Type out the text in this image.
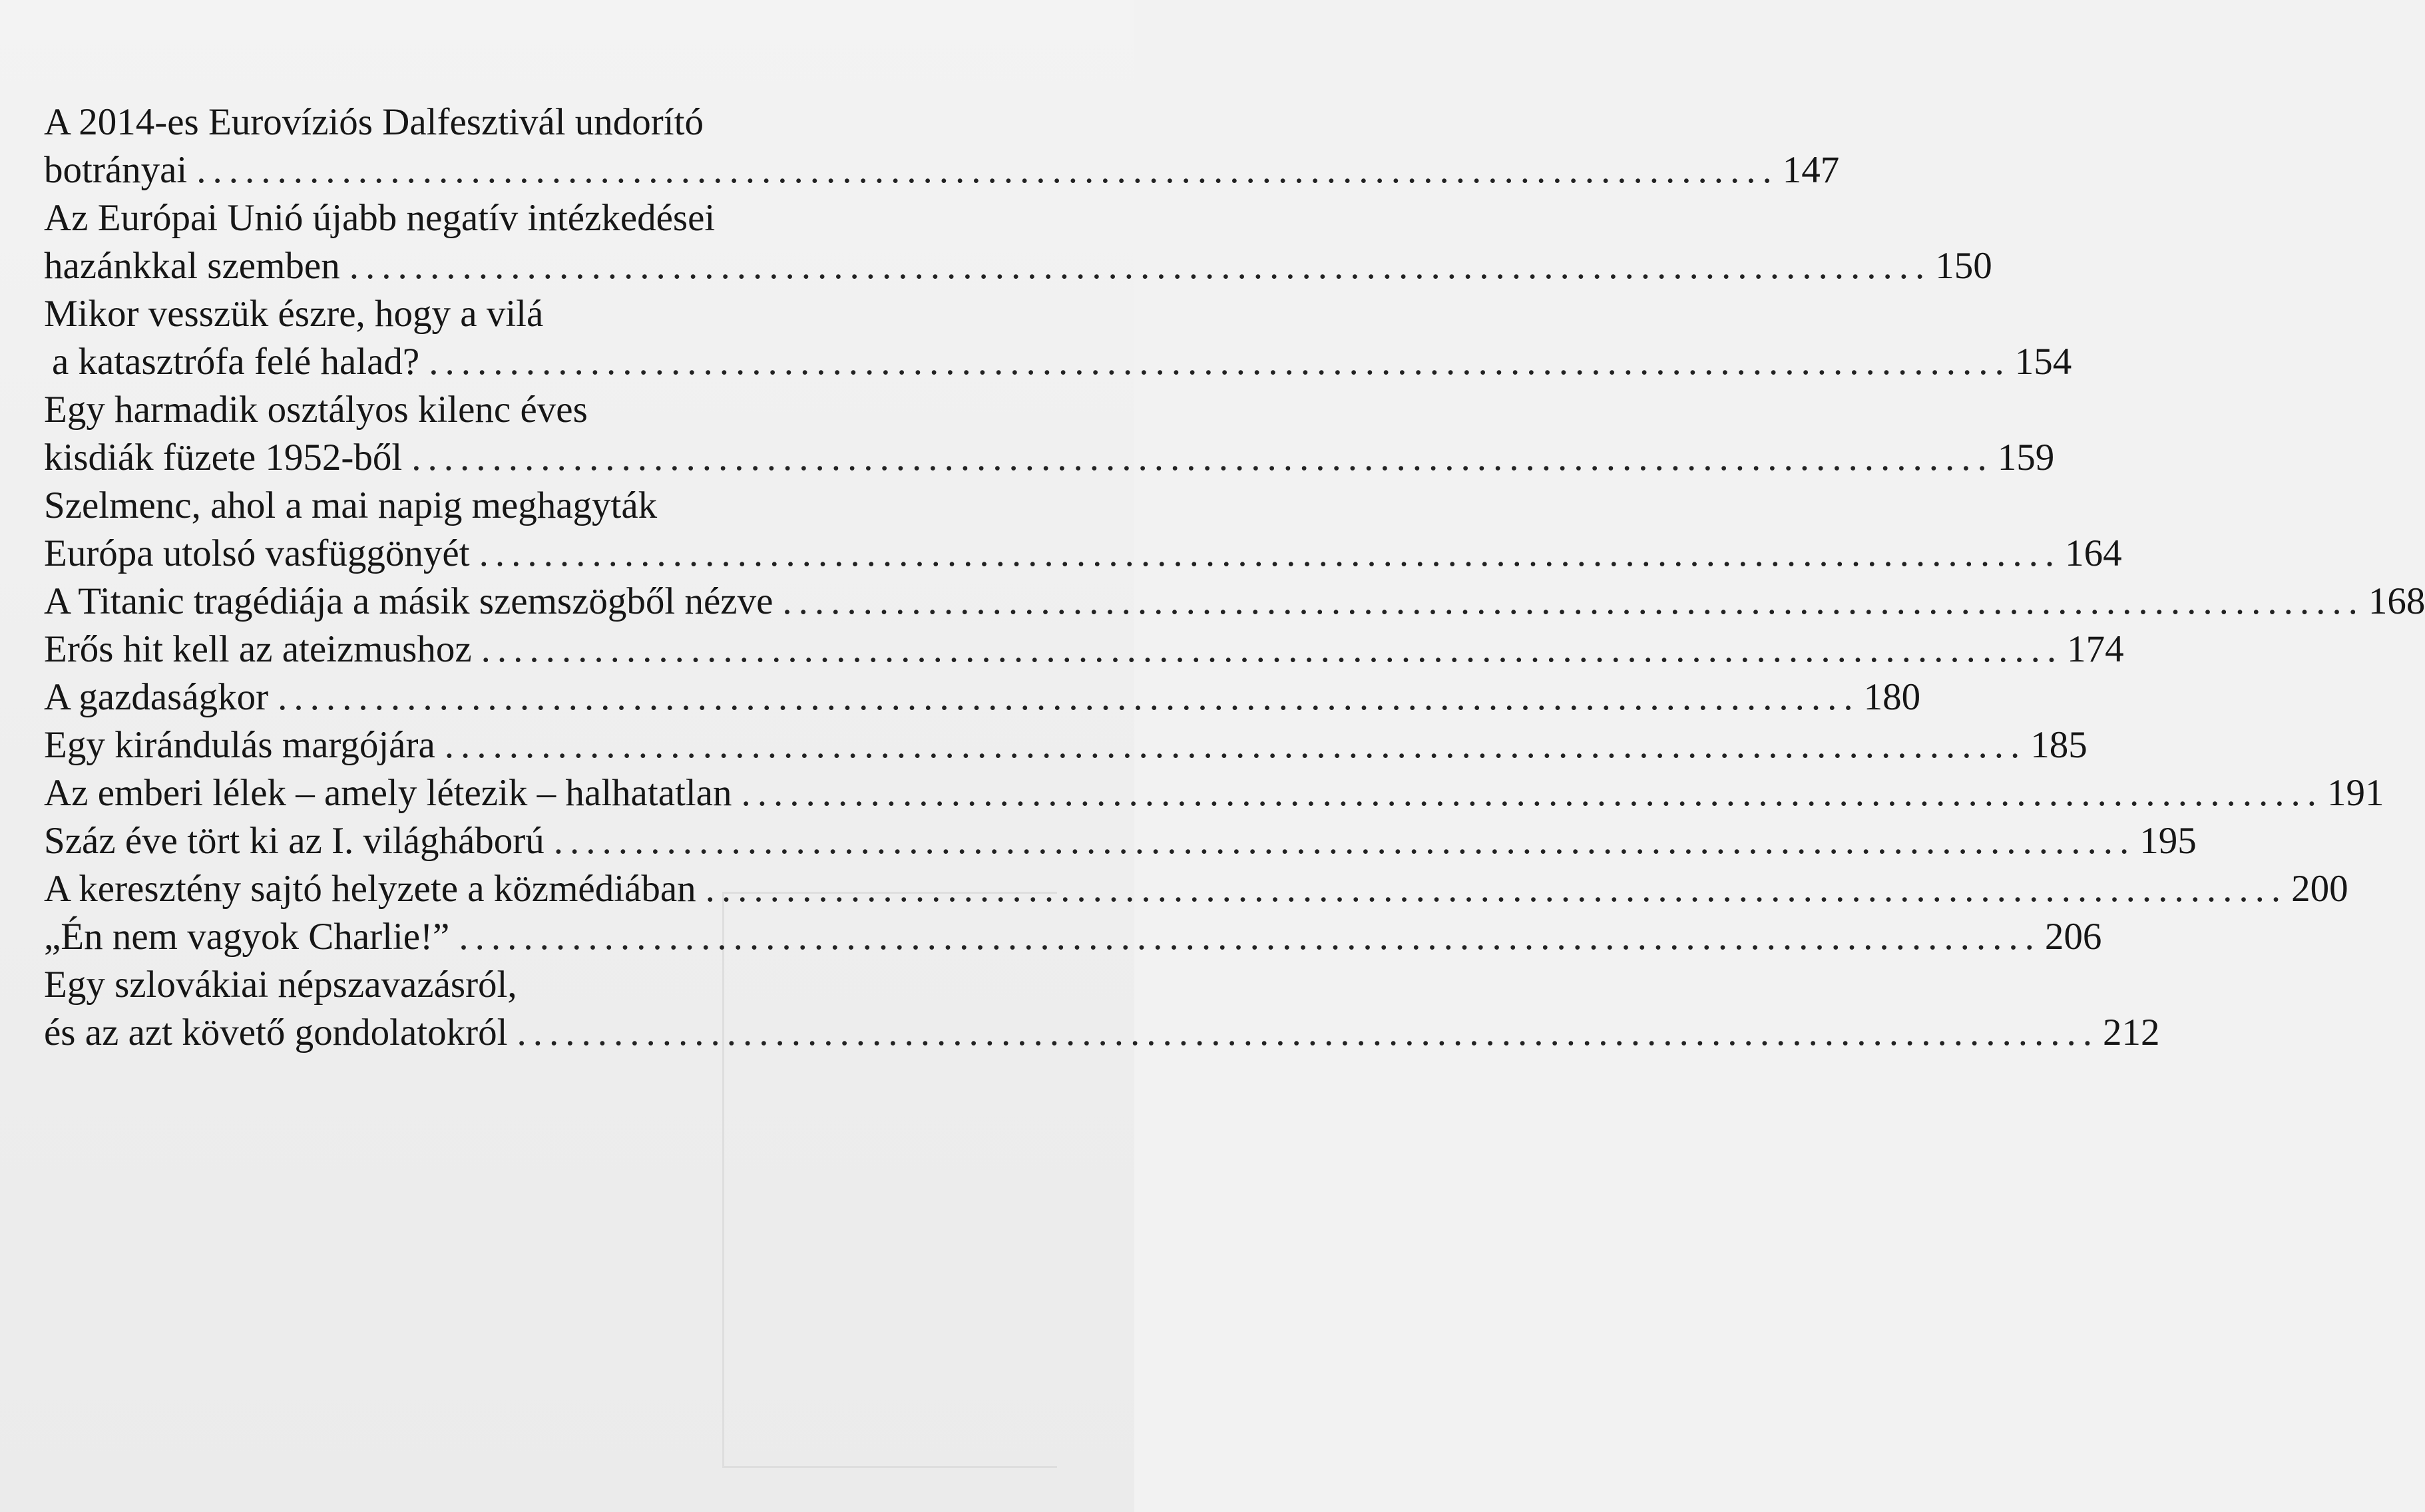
A 2014-es Eurovíziós Dalfesztivál undorító
botrányai .................................................................................................. 147
Az Európai Unió újabb negatív intézkedései
hazánkkal szemben .................................................................................................. 150
Mikor vesszük észre, hogy a vilá
a katasztrófa felé halad? .................................................................................................. 154
Egy harmadik osztályos kilenc éves
kisdiák füzete 1952-ből .................................................................................................. 159
Szelmenc, ahol a mai napig meghagyták
Európa utolsó vasfüggönyét .................................................................................................. 164
A Titanic tragédiája a másik szemszögből nézve .................................................................................................. 168
Erős hit kell az ateizmushoz .................................................................................................. 174
A gazdaságkor .................................................................................................. 180
Egy kirándulás margójára .................................................................................................. 185
Az emberi lélek – amely létezik – halhatatlan .................................................................................................. 191
Száz éve tört ki az I. világháború .................................................................................................. 195
A keresztény sajtó helyzete a közmédiában .................................................................................................. 200
„Én nem vagyok Charlie!” .................................................................................................. 206
Egy szlovákiai népszavazásról,
és az azt követő gondolatokról .................................................................................................. 212
